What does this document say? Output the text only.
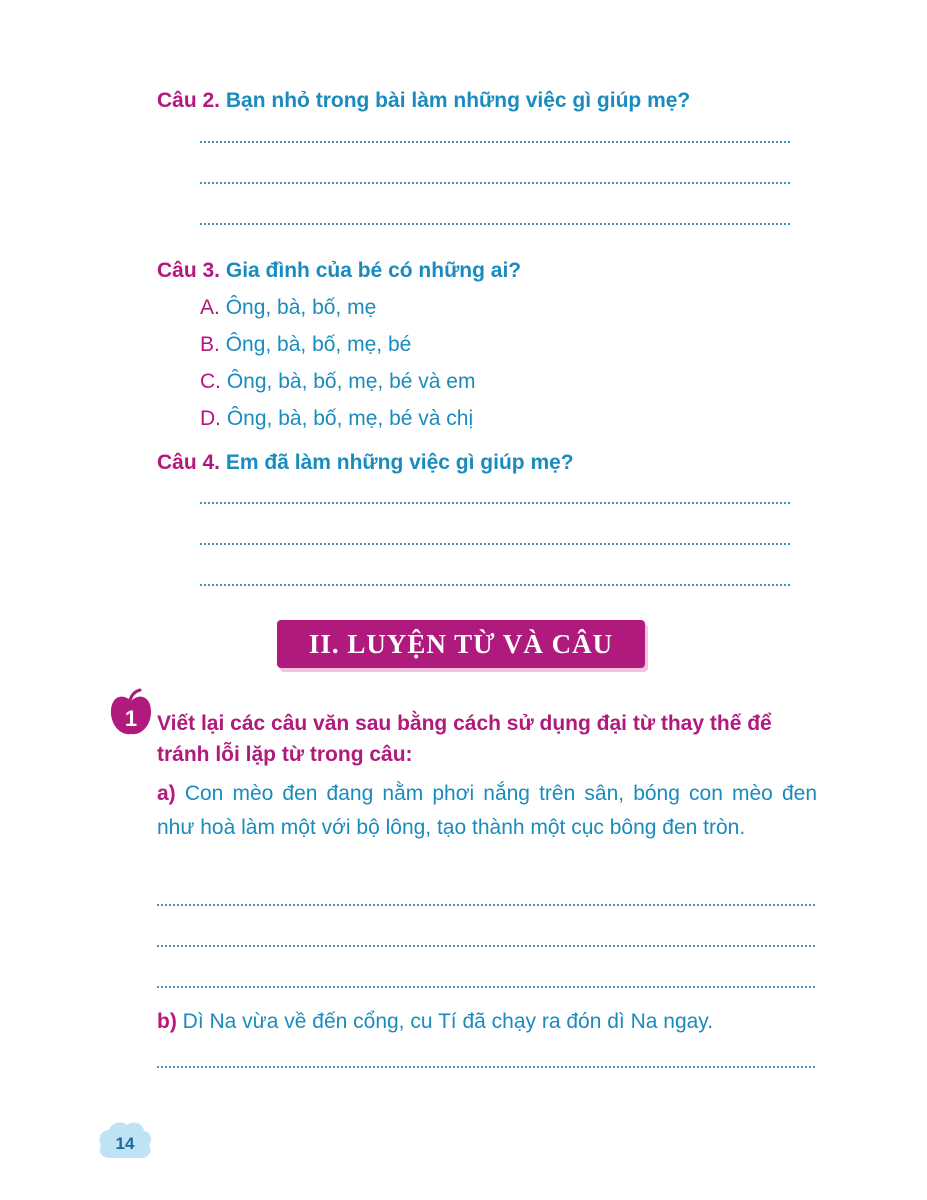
Câu 2. Bạn nhỏ trong bài làm những việc gì giúp mẹ?
Câu 3. Gia đình của bé có những ai?
A. Ông, bà, bố, mẹ
B. Ông, bà, bố, mẹ, bé
C. Ông, bà, bố, mẹ, bé và em
D. Ông, bà, bố, mẹ, bé và chị
Câu 4. Em đã làm những việc gì giúp mẹ?
II. LUYỆN TỪ VÀ CÂU
1 Viết lại các câu văn sau bằng cách sử dụng đại từ thay thế để tránh lỗi lặp từ trong câu:
a) Con mèo đen đang nằm phơi nắng trên sân, bóng con mèo đen như hoà làm một với bộ lông, tạo thành một cục bông đen tròn.
b) Dì Na vừa về đến cổng, cu Tí đã chạy ra đón dì Na ngay.
14
